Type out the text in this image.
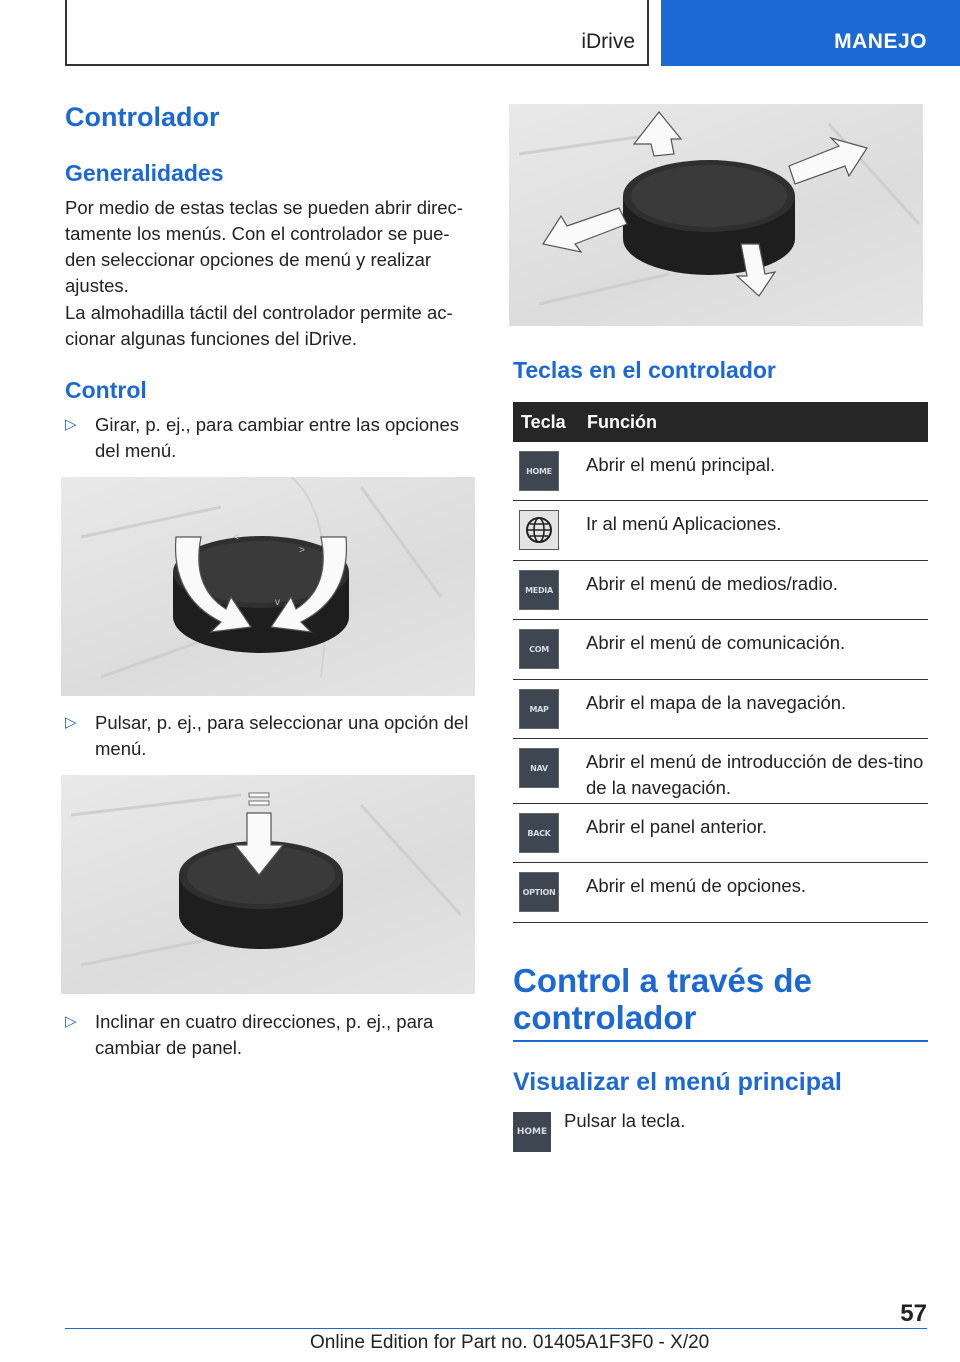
iDrive	MANEJO
Controlador
Generalidades
Por medio de estas teclas se pueden abrir direc-tamente los menús. Con el controlador se pue-den seleccionar opciones de menú y realizar ajustes.
La almohadilla táctil del controlador permite ac-cionar algunas funciones del iDrive.
Control
▷ Girar, p. ej., para cambiar entre las opciones del menú.
<
>
v
▷ Pulsar, p. ej., para seleccionar una opción del menú.
▷ Inclinar en cuatro direcciones, p. ej., para cambiar de panel.
Teclas en el controlador
Tecla Función
HOME Abrir el menú principal.
Ir al menú Aplicaciones.
MEDIA Abrir el menú de medios/radio.
COM Abrir el menú de comunicación.
MAP Abrir el mapa de la navegación.
NAV Abrir el menú de introducción de des-tino de la navegación.
BACK Abrir el panel anterior.
OPTION Abrir el menú de opciones.
Control a través de controlador
Visualizar el menú principal
HOME
Pulsar la tecla.
57
Online Edition for Part no. 01405A1F3F0 - X/20
